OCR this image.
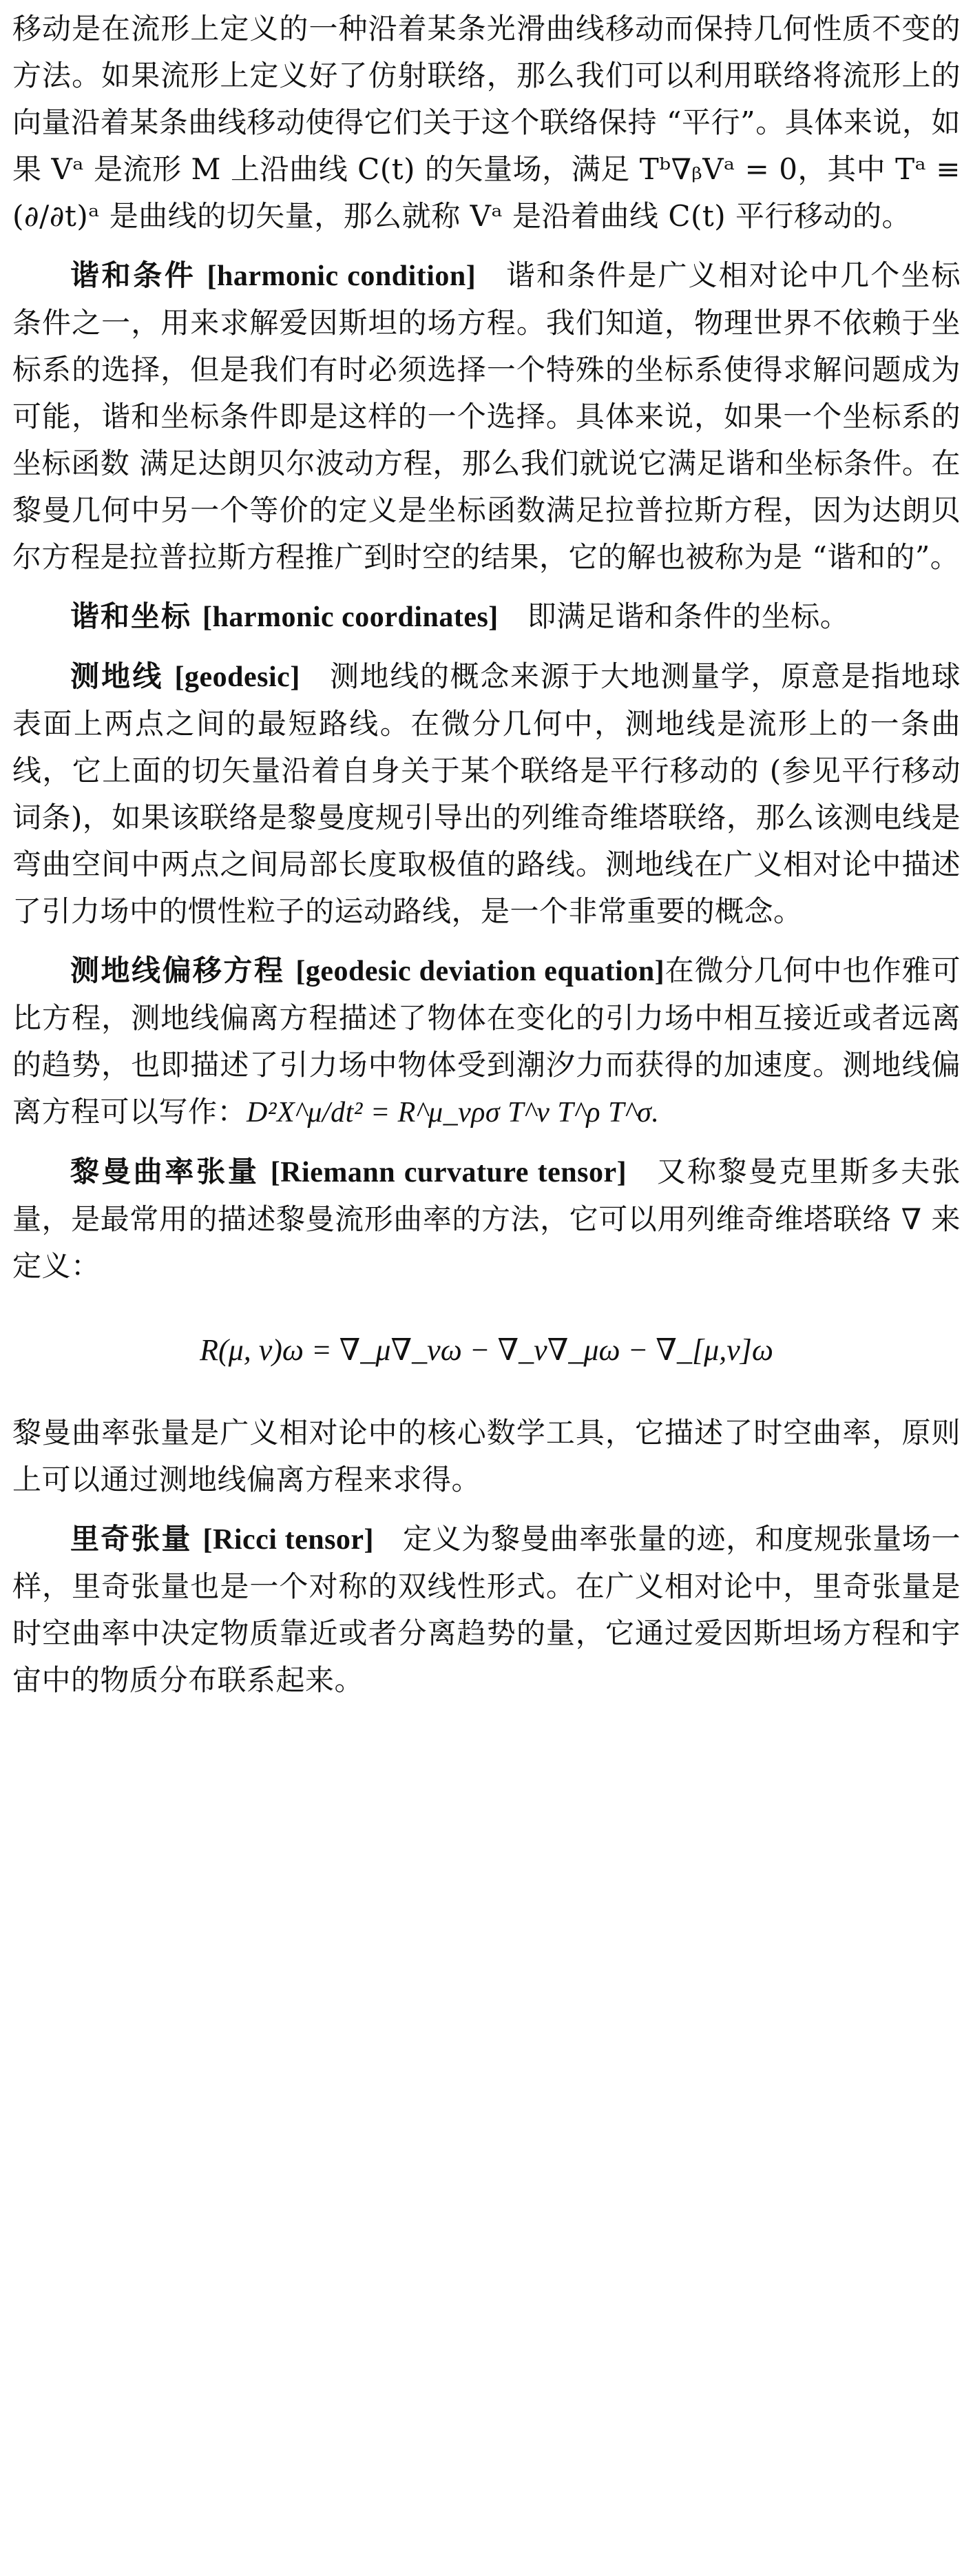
移动是在流形上定义的一种沿着某条光滑曲线移动而保持几何性质不变的方法。如果流形上定义好了仿射联络，那么我们可以利用联络将流形上的向量沿着某条曲线移动使得它们关于这个联络保持 “平行”。具体来说，如果 Vᵃ 是流形 M 上沿曲线 C(t) 的矢量场，满足 Tᵇ∇ᵦVᵃ = 0，其中 Tᵃ ≡ (∂/∂t)ᵃ 是曲线的切矢量，那么就称 Vᵃ 是沿着曲线 C(t) 平行移动的。

谐和条件 [harmonic condition] 谐和条件是广义相对论中几个坐标条件之一，用来求解爱因斯坦的场方程。我们知道，物理世界不依赖于坐标系的选择，但是我们有时必须选择一个特殊的坐标系使得求解问题成为可能，谐和坐标条件即是这样的一个选择。具体来说，如果一个坐标系的坐标函数 满足达朗贝尔波动方程，那么我们就说它满足谐和坐标条件。在黎曼几何中另一个等价的定义是坐标函数满足拉普拉斯方程，因为达朗贝尔方程是拉普拉斯方程推广到时空的结果，它的解也被称为是 “谐和的”。

谐和坐标 [harmonic coordinates] 即满足谐和条件的坐标。

测地线 [geodesic] 测地线的概念来源于大地测量学，原意是指地球表面上两点之间的最短路线。在微分几何中，测地线是流形上的一条曲线，它上面的切矢量沿着自身关于某个联络是平行移动的 (参见平行移动词条)，如果该联络是黎曼度规引导出的列维奇维塔联络，那么该测电线是弯曲空间中两点之间局部长度取极值的路线。测地线在广义相对论中描述了引力场中的惯性粒子的运动路线，是一个非常重要的概念。

测地线偏移方程 [geodesic deviation equation]在微分几何中也作雅可比方程，测地线偏离方程描述了物体在变化的引力场中相互接近或者远离的趋势，也即描述了引力场中物体受到潮汐力而获得的加速度。测地线偏离方程可以写作：D²X^μ/dt² = R^μ_νρσ T^ν T^ρ T^σ.

黎曼曲率张量 [Riemann curvature tensor] 又称黎曼克里斯多夫张量，是最常用的描述黎曼流形曲率的方法，它可以用列维奇维塔联络 ∇ 来定义：

R(μ, ν)ω = ∇_μ∇_νω − ∇_ν∇_μω − ∇_[μ,ν]ω

黎曼曲率张量是广义相对论中的核心数学工具，它描述了时空曲率，原则上可以通过测地线偏离方程来求得。

里奇张量 [Ricci tensor] 定义为黎曼曲率张量的迹，和度规张量场一样，里奇张量也是一个对称的双线性形式。在广义相对论中，里奇张量是时空曲率中决定物质靠近或者分离趋势的量，它通过爱因斯坦场方程和宇宙中的物质分布联系起来。
